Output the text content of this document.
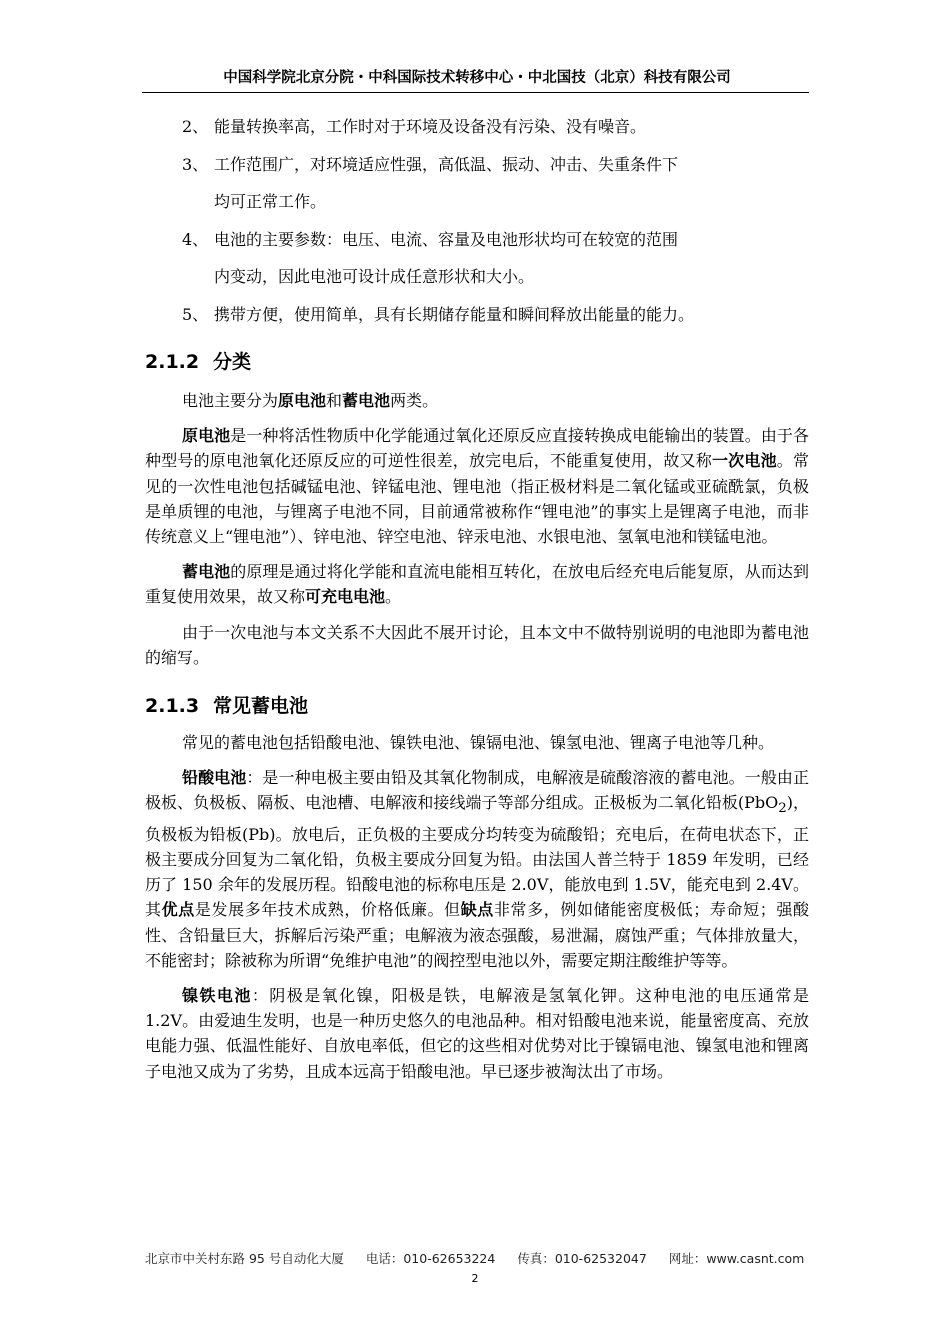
中国科学院北京分院・中科国际技术转移中心・中北国技（北京）科技有限公司

2、 能量转换率高，工作时对于环境及设备没有污染、没有噪音。

3、 工作范围广，对环境适应性强，高低温、振动、冲击、失重条件下

均可正常工作。

4、 电池的主要参数：电压、电流、容量及电池形状均可在较宽的范围

内变动，因此电池可设计成任意形状和大小。

5、 携带方便，使用简单，具有长期储存能量和瞬间释放出能量的能力。

2.1.2 分类

电池主要分为原电池和蓄电池两类。

原电池是一种将活性物质中化学能通过氧化还原反应直接转换成电能输出的装置。由于各种型号的原电池氧化还原反应的可逆性很差，放完电后，不能重复使用，故又称一次电池。常见的一次性电池包括碱锰电池、锌锰电池、锂电池（指正极材料是二氧化锰或亚硫酰氯，负极是单质锂的电池，与锂离子电池不同，目前通常被称作“锂电池”的事实上是锂离子电池，而非传统意义上“锂电池”）、锌电池、锌空电池、锌汞电池、水银电池、氢氧电池和镁锰电池。

蓄电池的原理是通过将化学能和直流电能相互转化，在放电后经充电后能复原，从而达到重复使用效果，故又称可充电电池。

由于一次电池与本文关系不大因此不展开讨论，且本文中不做特别说明的电池即为蓄电池的缩写。

2.1.3 常见蓄电池

常见的蓄电池包括铅酸电池、镍铁电池、镍镉电池、镍氢电池、锂离子电池等几种。

铅酸电池：是一种电极主要由铅及其氧化物制成，电解液是硫酸溶液的蓄电池。一般由正极板、负极板、隔板、电池槽、电解液和接线端子等部分组成。正极板为二氧化铅板(PbO$_2$)，负极板为铅板(Pb)。放电后，正负极的主要成分均转变为硫酸铅；充电后，在荷电状态下，正极主要成分回复为二氧化铅，负极主要成分回复为铅。由法国人普兰特于 1859 年发明，已经历了 150 余年的发展历程。铅酸电池的标称电压是 2.0V，能放电到 1.5V，能充电到 2.4V。其优点是发展多年技术成熟，价格低廉。但缺点非常多，例如储能密度极低；寿命短；强酸性、含铅量巨大，拆解后污染严重；电解液为液态强酸，易泄漏，腐蚀严重；气体排放量大，不能密封；除被称为所谓“免维护电池”的阀控型电池以外，需要定期注酸维护等等。

镍铁电池：阴极是氧化镍，阳极是铁，电解液是氢氧化钾。这种电池的电压通常是 1.2V。由爱迪生发明，也是一种历史悠久的电池品种。相对铅酸电池来说，能量密度高、充放电能力强、低温性能好、自放电率低，但它的这些相对优势对比于镍镉电池、镍氢电池和锂离子电池又成为了劣势，且成本远高于铅酸电池。早已逐步被淘汰出了市场。

北京市中关村东路 95 号自动化大厦 电话：010-62653224 传真：010-62532047 网址：www.casnt.com
2
